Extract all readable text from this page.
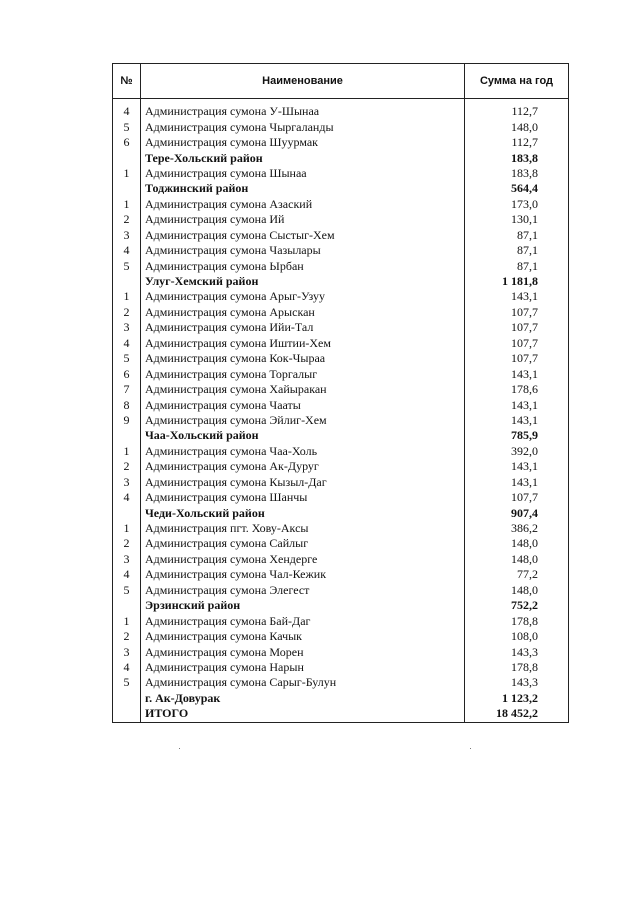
№	Наименование	Сумма на год

4	Администрация сумона У-Шынаа	112,7
5	Администрация сумона Чыргаланды	148,0
6	Администрация сумона Шуурмак	112,7
	Тере-Хольский район	183,8
1	Администрация сумона Шынаа	183,8
	Тоджинский район	564,4
1	Администрация сумона Азаский	173,0
2	Администрация сумона Ий	130,1
3	Администрация сумона Сыстыг-Хем	87,1
4	Администрация сумона Чазылары	87,1
5	Администрация сумона Ырбан	87,1
	Улуг-Хемский район	1 181,8
1	Администрация сумона Арыг-Узуу	143,1
2	Администрация сумона Арыскан	107,7
3	Администрация сумона Ийи-Тал	107,7
4	Администрация сумона Иштии-Хем	107,7
5	Администрация сумона Кок-Чыраа	107,7
6	Администрация сумона Торгалыг	143,1
7	Администрация сумона Хайыракан	178,6
8	Администрация сумона Чааты	143,1
9	Администрация сумона Эйлиг-Хем	143,1
	Чаа-Хольский район	785,9
1	Администрация сумона Чаа-Холь	392,0
2	Администрация сумона Ак-Дуруг	143,1
3	Администрация сумона Кызыл-Даг	143,1
4	Администрация сумона Шанчы	107,7
	Чеди-Хольский район	907,4
1	Администрация пгт. Хову-Аксы	386,2
2	Администрация сумона Сайлыг	148,0
3	Администрация сумона Хендерге	148,0
4	Администрация сумона Чал-Кежик	77,2
5	Администрация сумона Элегест	148,0
	Эрзинский район	752,2
1	Администрация сумона Бай-Даг	178,8
2	Администрация сумона Качык	108,0
3	Администрация сумона Морен	143,3
4	Администрация сумона Нарын	178,8
5	Администрация сумона Сарыг-Булун	143,3
	г. Ак-Довурак	1 123,2
	ИТОГО	18 452,2
